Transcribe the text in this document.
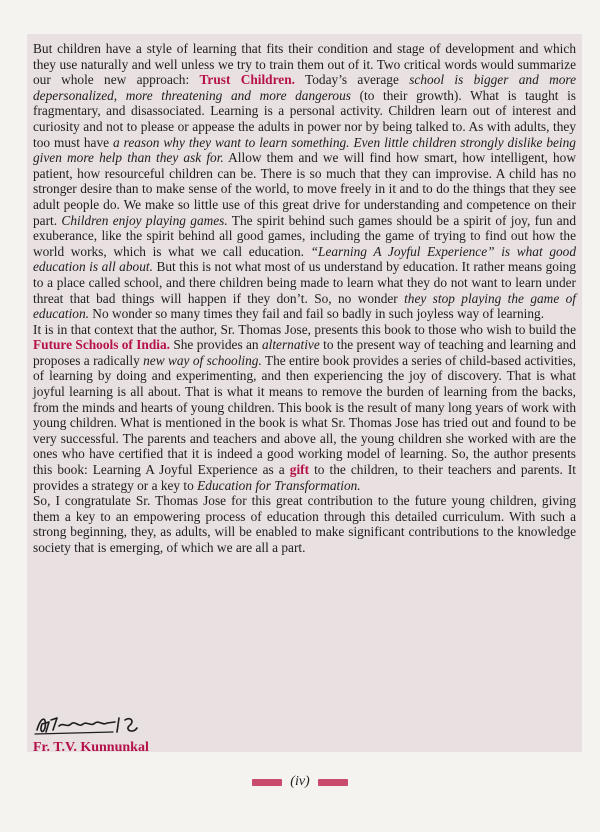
But children have a style of learning that fits their condition and stage of development and which they use naturally and well unless we try to train them out of it. Two critical words would summarize our whole new approach: Trust Children. Today’s average school is bigger and more depersonalized, more threatening and more dangerous (to their growth). What is taught is fragmentary, and disassociated. Learning is a personal activity. Children learn out of interest and curiosity and not to please or appease the adults in power nor by being talked to. As with adults, they too must have a reason why they want to learn something. Even little children strongly dislike being given more help than they ask for. Allow them and we will find how smart, how intelligent, how patient, how resourceful children can be. There is so much that they can improvise. A child has no stronger desire than to make sense of the world, to move freely in it and to do the things that they see adult people do. We make so little use of this great drive for understanding and competence on their part. Children enjoy playing games. The spirit behind such games should be a spirit of joy, fun and exuberance, like the spirit behind all good games, including the game of trying to find out how the world works, which is what we call education. “Learning A Joyful Experience” is what good education is all about. But this is not what most of us understand by education. It rather means going to a place called school, and there children being made to learn what they do not want to learn under threat that bad things will happen if they don’t. So, no wonder they stop playing the game of education. No wonder so many times they fail and fail so badly in such joyless way of learning.

It is in that context that the author, Sr. Thomas Jose, presents this book to those who wish to build the Future Schools of India. She provides an alternative to the present way of teaching and learning and proposes a radically new way of schooling. The entire book provides a series of child-based activities, of learning by doing and experimenting, and then experiencing the joy of discovery. That is what joyful learning is all about. That is what it means to remove the burden of learning from the backs, from the minds and hearts of young children. This book is the result of many long years of work with young children. What is mentioned in the book is what Sr. Thomas Jose has tried out and found to be very successful. The parents and teachers and above all, the young children she worked with are the ones who have certified that it is indeed a good working model of learning. So, the author presents this book: Learning A Joyful Experience as a gift to the children, to their teachers and parents. It provides a strategy or a key to Education for Transformation.

So, I congratulate Sr. Thomas Jose for this great contribution to the future young children, giving them a key to an empowering process of education through this detailed curriculum. With such a strong beginning, they, as adults, will be enabled to make significant contributions to the knowledge society that is emerging, of which we are all a part.

Fr. T.V. Kunnunkal
(iv)
